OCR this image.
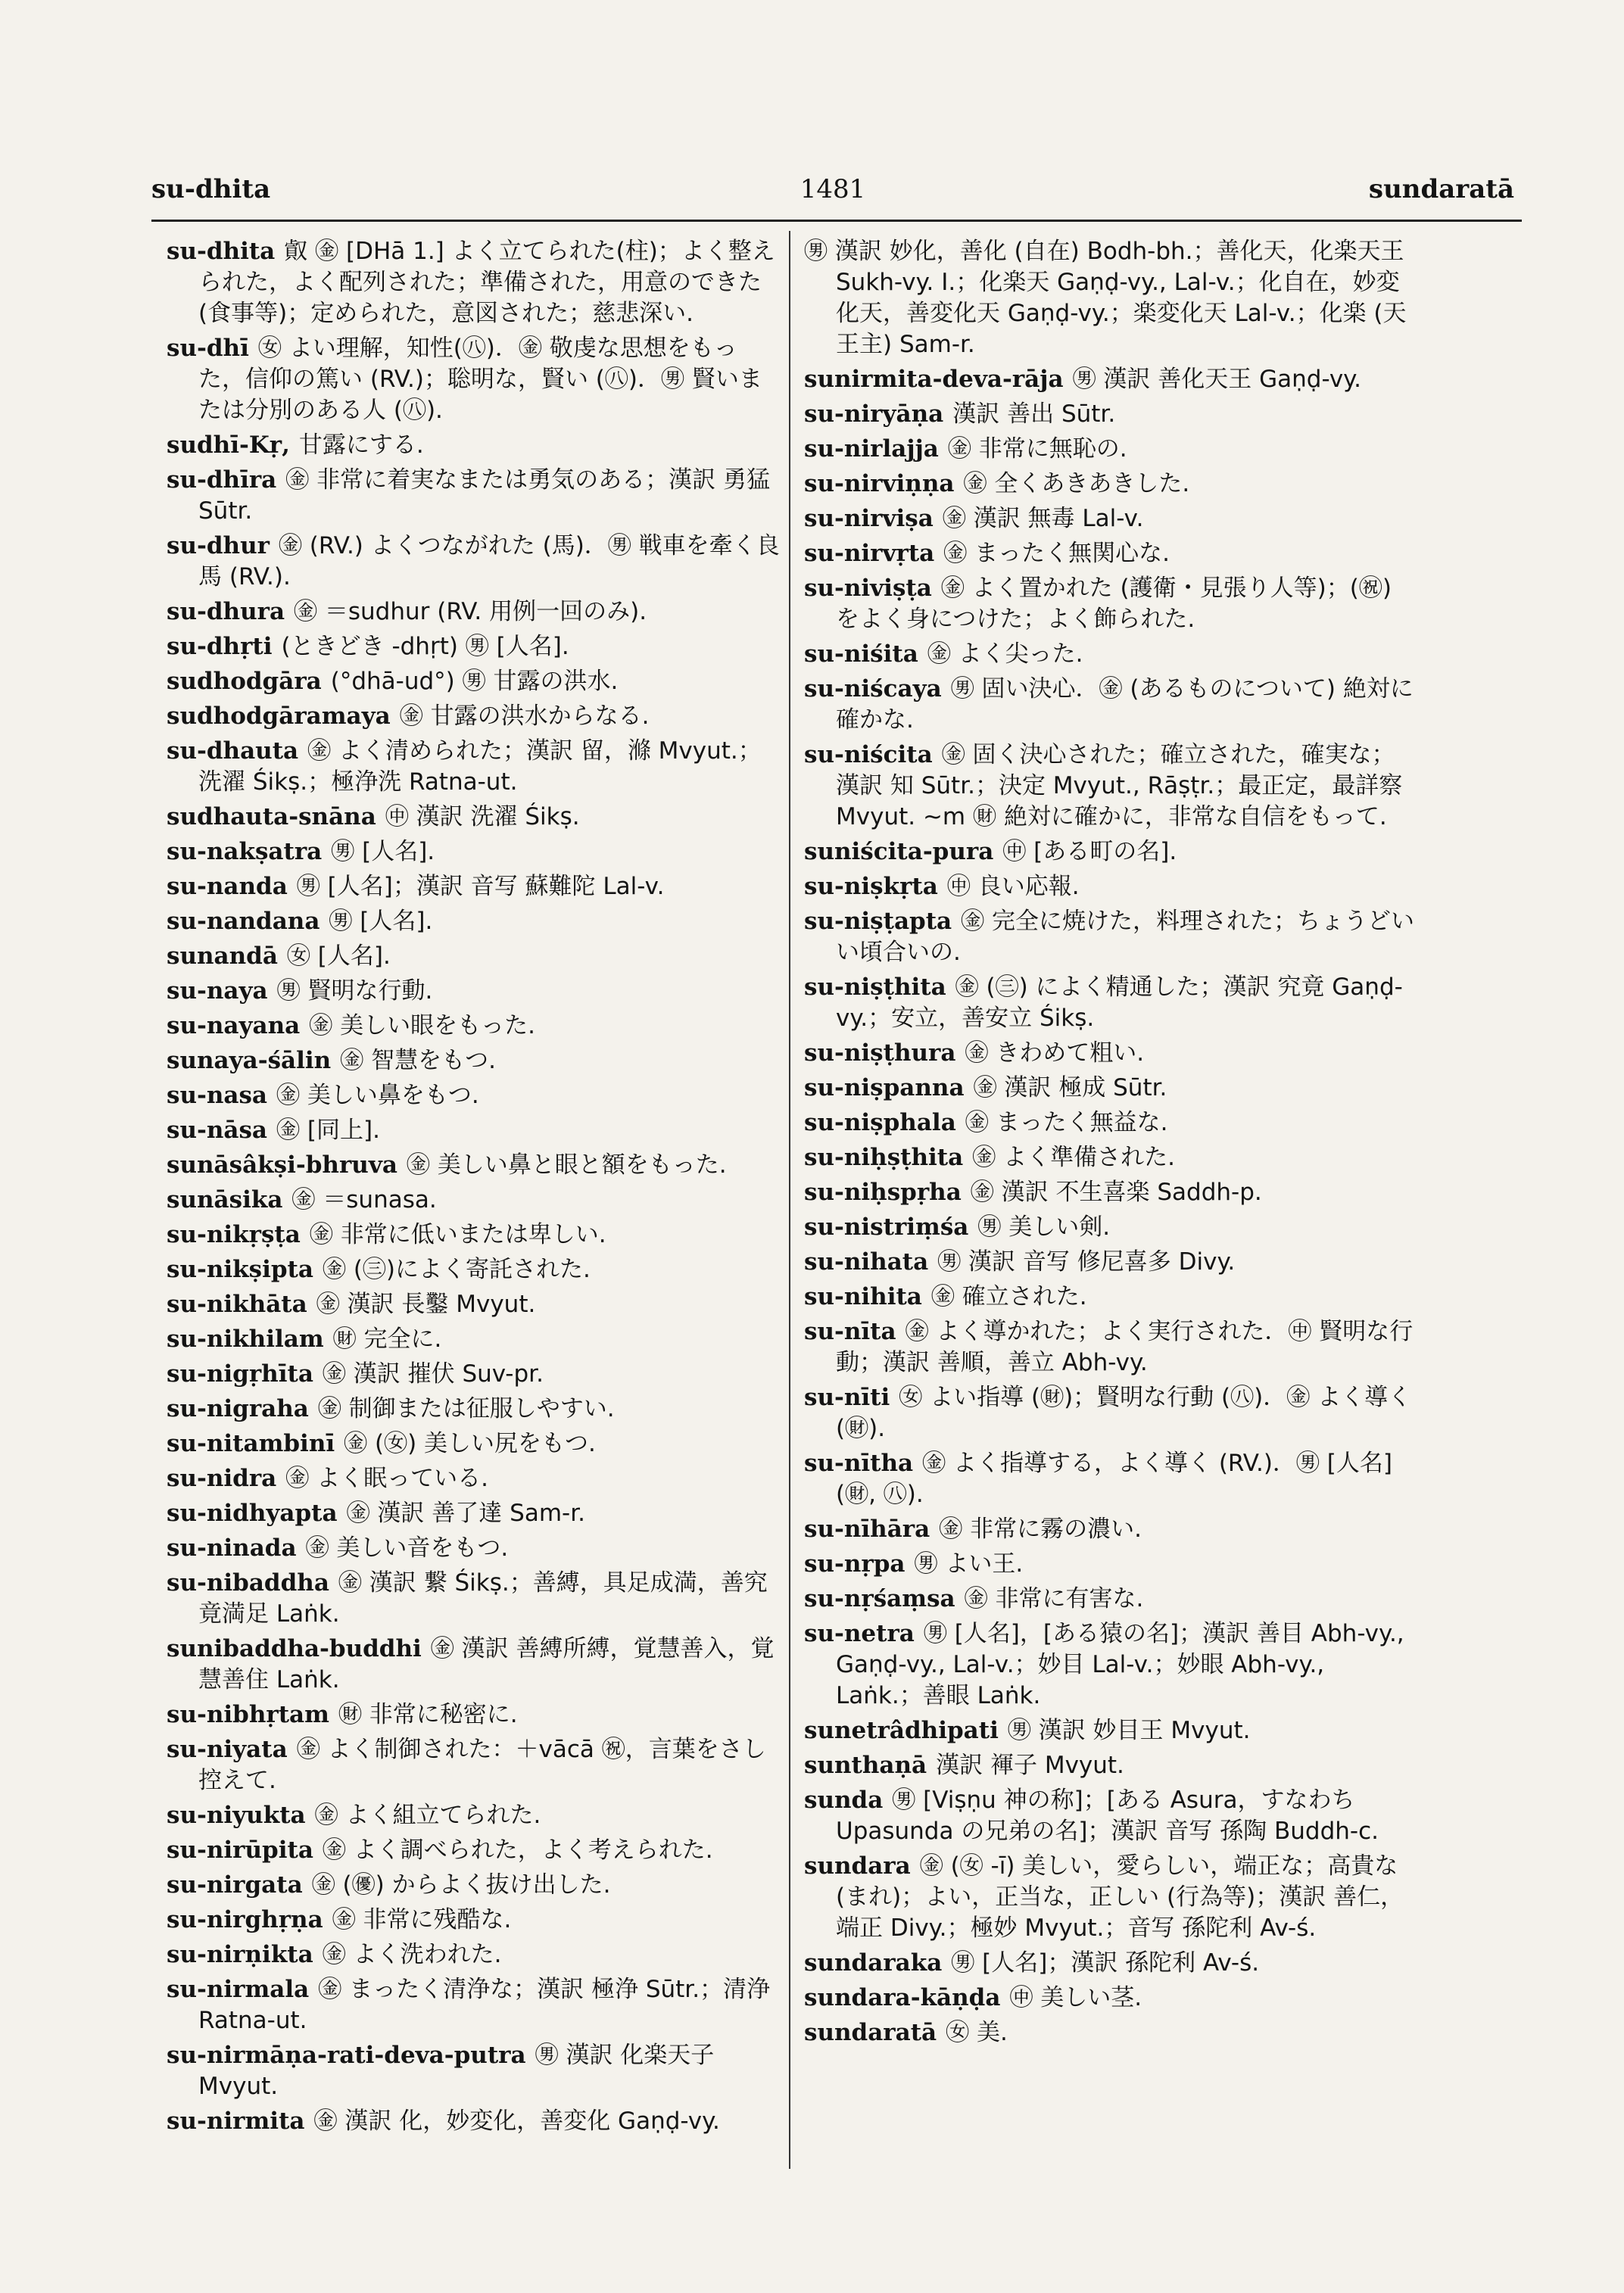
su-dhita	1481	sundaratā

su-dhita 㕢 ㊎ [DHā 1.] よく立てられた(柱)；よく整えられた，よく配列された；準備された，用意のできた(食事等)；定められた，意図された；慈悲深い.

su-dhī ㊛ よい理解，知性(㊇)．㊎ 敬虔な思想をもった，信仰の篤い (RV.)；聡明な，賢い (㊇)．㊚ 賢いまたは分別のある人 (㊇).

sudhī-Kṛ, 甘露にする.

su-dhīra ㊎ 非常に着実なまたは勇気のある；漢訳 勇猛 Sūtr.

su-dhur ㊎ (RV.) よくつながれた (馬)．㊚ 戦車を牽く良馬 (RV.).

su-dhura ㊎ ＝sudhur (RV. 用例一回のみ).

su-dhṛti (ときどき -dhṛt) ㊚ [人名].

sudhodgāra (°dhā-ud°) ㊚ 甘露の洪水.

sudhodgāramaya ㊎ 甘露の洪水からなる.

su-dhauta ㊎ よく清められた；漢訳 留，滌 Mvyut.；洗濯 Śikṣ.；極浄洗 Ratna-ut.

sudhauta-snāna ㊥ 漢訳 洗濯 Śikṣ.

su-nakṣatra ㊚ [人名].

su-nanda ㊚ [人名]；漢訳 音写 蘇難陀 Lal-v.

su-nandana ㊚ [人名].

sunandā ㊛ [人名].

su-naya ㊚ 賢明な行動.

su-nayana ㊎ 美しい眼をもった.

sunaya-śālin ㊎ 智慧をもつ.

su-nasa ㊎ 美しい鼻をもつ.

su-nāsa ㊎ [同上].

sunāsâkṣi-bhruva ㊎ 美しい鼻と眼と額をもった.

sunāsika ㊎ ＝sunasa.

su-nikṛṣṭa ㊎ 非常に低いまたは卑しい.

su-nikṣipta ㊎ (㊂)によく寄託された.

su-nikhāta ㊎ 漢訳 長鑿 Mvyut.

su-nikhilam ㊖ 完全に.

su-nigṛhīta ㊎ 漢訳 摧伏 Suv-pr.

su-nigraha ㊎ 制御または征服しやすい.

su-nitambinī ㊎ (㊛) 美しい尻をもつ.

su-nidra ㊎ よく眠っている.

su-nidhyapta ㊎ 漢訳 善了達 Sam-r.

su-ninada ㊎ 美しい音をもつ.

su-nibaddha ㊎ 漢訳 繋 Śikṣ.；善縛，具足成満，善究竟満足 Laṅk.

sunibaddha-buddhi ㊎ 漢訳 善縛所縛，覚慧善入，覚慧善住 Laṅk.

su-nibhṛtam ㊖ 非常に秘密に.

su-niyata ㊎ よく制御された：＋vācā ㊗，言葉をさし控えて.

su-niyukta ㊎ よく組立てられた.

su-nirūpita ㊎ よく調べられた，よく考えられた.

su-nirgata ㊎ (㊝) からよく抜け出した.

su-nirghṛṇa ㊎ 非常に残酷な.

su-nirṇikta ㊎ よく洗われた.

su-nirmala ㊎ まったく清浄な；漢訳 極浄 Sūtr.；清浄 Ratna-ut.

su-nirmāṇa-rati-deva-putra ㊚ 漢訳 化楽天子 Mvyut.

su-nirmita ㊎ 漢訳 化，妙変化，善変化 Gaṇḍ-vy.

㊚ 漢訳 妙化，善化 (自在) Bodh-bh.；善化天，化楽天王 Sukh-vy. I.；化楽天 Gaṇḍ-vy., Lal-v.；化自在，妙変化天，善変化天 Gaṇḍ-vy.；楽変化天 Lal-v.；化楽 (天王主) Sam-r.

sunirmita-deva-rāja ㊚ 漢訳 善化天王 Gaṇḍ-vy.

su-niryāṇa 漢訳 善出 Sūtr.

su-nirlajja ㊎ 非常に無恥の.

su-nirviṇṇa ㊎ 全くあきあきした.

su-nirviṣa ㊎ 漢訳 無毒 Lal-v.

su-nirvṛta ㊎ まったく無関心な.

su-niviṣṭa ㊎ よく置かれた (護衛・見張り人等)；(㊗) をよく身につけた；よく飾られた.

su-niśita ㊎ よく尖った.

su-niścaya ㊚ 固い決心．㊎ (あるものについて) 絶対に確かな.

su-niścita ㊎ 固く決心された；確立された，確実な；漢訳 知 Sūtr.；決定 Mvyut., Rāṣṭr.；最正定，最詳察 Mvyut. ~m ㊖ 絶対に確かに，非常な自信をもって.

suniścita-pura ㊥ [ある町の名].

su-niṣkṛta ㊥ 良い応報.

su-niṣṭapta ㊎ 完全に焼けた，料理された；ちょうどいい頃合いの.

su-niṣṭhita ㊎ (㊂) によく精通した；漢訳 究竟 Gaṇḍ-vy.；安立，善安立 Śikṣ.

su-niṣṭhura ㊎ きわめて粗い.

su-niṣpanna ㊎ 漢訳 極成 Sūtr.

su-niṣphala ㊎ まったく無益な.

su-niḥṣṭhita ㊎ よく準備された.

su-niḥspṛha ㊎ 漢訳 不生喜楽 Saddh-p.

su-nistriṃśa ㊚ 美しい剣.

su-nihata ㊚ 漢訳 音写 修尼喜多 Divy.

su-nihita ㊎ 確立された.

su-nīta ㊎ よく導かれた；よく実行された．㊥ 賢明な行動；漢訳 善順，善立 Abh-vy.

su-nīti ㊛ よい指導 (㊖)；賢明な行動 (㊇)．㊎ よく導く (㊖).

su-nītha ㊎ よく指導する，よく導く (RV.)．㊚ [人名] (㊖, ㊇).

su-nīhāra ㊎ 非常に霧の濃い.

su-nṛpa ㊚ よい王.

su-nṛśaṃsa ㊎ 非常に有害な.

su-netra ㊚ [人名]，[ある猿の名]；漢訳 善目 Abh-vy., Gaṇḍ-vy., Lal-v.；妙目 Lal-v.；妙眼 Abh-vy., Laṅk.；善眼 Laṅk.

sunetrâdhipati ㊚ 漢訳 妙目王 Mvyut.

sunthaṇā 漢訳 褌子 Mvyut.

sunda ㊚ [Viṣṇu 神の称]；[ある Asura，すなわち Upasunda の兄弟の名]；漢訳 音写 孫陶 Buddh-c.

sundara ㊎ (㊛ -ī) 美しい，愛らしい，端正な；高貴な (まれ)；よい，正当な，正しい (行為等)；漢訳 善仁，端正 Divy.；極妙 Mvyut.；音写 孫陀利 Av-ś.

sundaraka ㊚ [人名]；漢訳 孫陀利 Av-ś.

sundara-kāṇḍa ㊥ 美しい茎.

sundaratā ㊛ 美.
